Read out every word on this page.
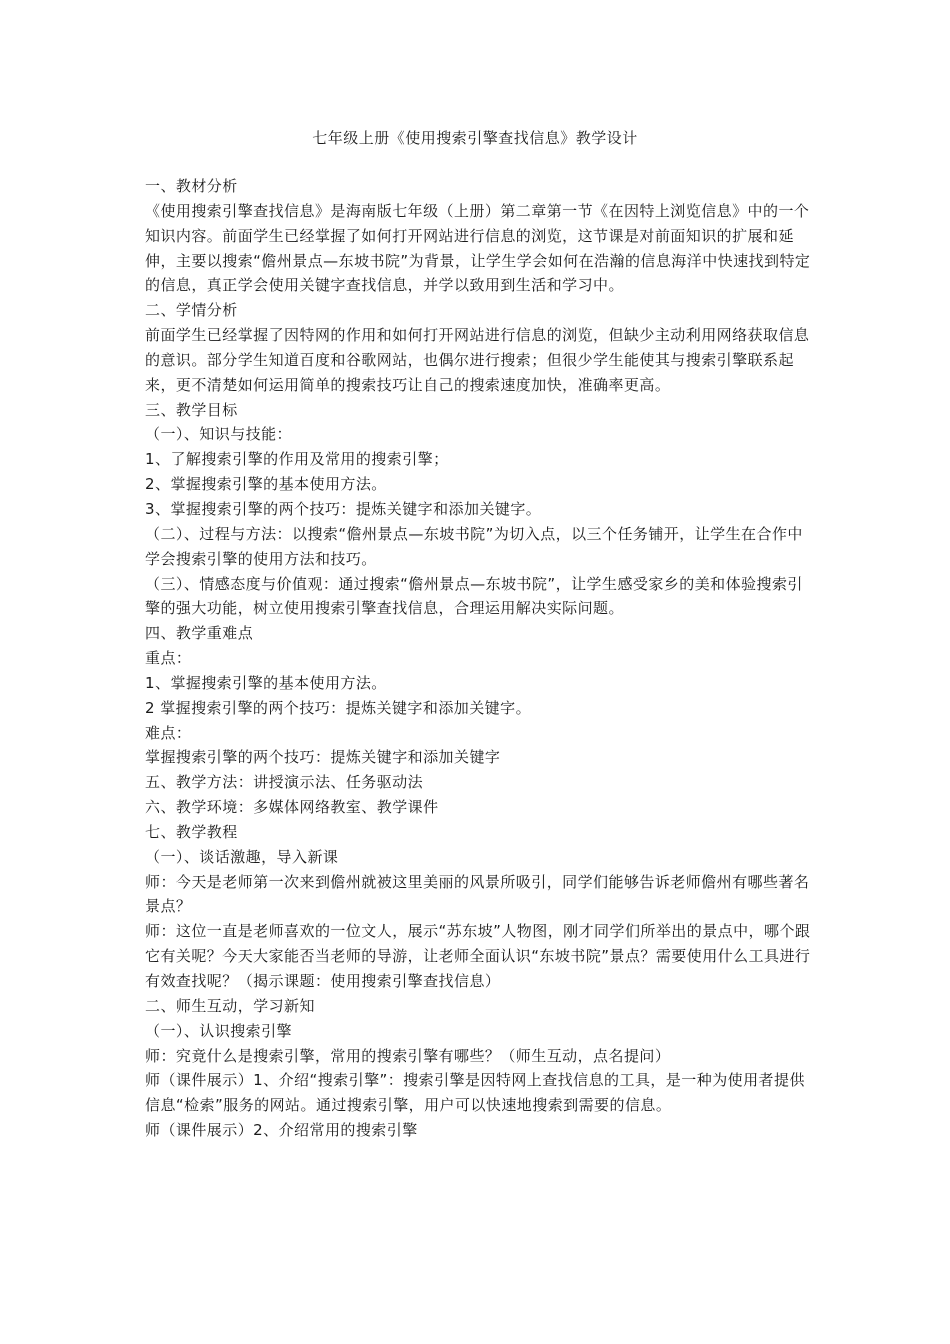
七年级上册《使用搜索引擎查找信息》教学设计

一、教材分析

《使用搜索引擎查找信息》是海南版七年级（上册）第二章第一节《在因特上浏览信息》中的一个知识内容。前面学生已经掌握了如何打开网站进行信息的浏览，这节课是对前面知识的扩展和延伸，主要以搜索“儋州景点—东坡书院”为背景，让学生学会如何在浩瀚的信息海洋中快速找到特定的信息，真正学会使用关键字查找信息，并学以致用到生活和学习中。

二、学情分析

前面学生已经掌握了因特网的作用和如何打开网站进行信息的浏览，但缺少主动利用网络获取信息的意识。部分学生知道百度和谷歌网站，也偶尔进行搜索；但很少学生能使其与搜索引擎联系起来，更不清楚如何运用简单的搜索技巧让自己的搜索速度加快，准确率更高。

三、教学目标

（一）、知识与技能：

1、了解搜索引擎的作用及常用的搜索引擎；

2、掌握搜索引擎的基本使用方法。

3、掌握搜索引擎的两个技巧：提炼关键字和添加关键字。

（二）、过程与方法：以搜索“儋州景点—东坡书院”为切入点，以三个任务铺开，让学生在合作中学会搜索引擎的使用方法和技巧。

（三）、情感态度与价值观：通过搜索“儋州景点—东坡书院”，让学生感受家乡的美和体验搜索引擎的强大功能，树立使用搜索引擎查找信息，合理运用解决实际问题。

四、教学重难点

重点：

1、掌握搜索引擎的基本使用方法。

2 掌握搜索引擎的两个技巧：提炼关键字和添加关键字。

难点：

掌握搜索引擎的两个技巧：提炼关键字和添加关键字

五、教学方法：讲授演示法、任务驱动法

六、教学环境：多媒体网络教室、教学课件

七、教学教程

（一）、谈话激趣，导入新课

师：今天是老师第一次来到儋州就被这里美丽的风景所吸引，同学们能够告诉老师儋州有哪些著名景点？

师：这位一直是老师喜欢的一位文人，展示“苏东坡”人物图，刚才同学们所举出的景点中，哪个跟它有关呢？今天大家能否当老师的导游，让老师全面认识“东坡书院”景点？需要使用什么工具进行有效查找呢？（揭示课题：使用搜索引擎查找信息）

二、师生互动，学习新知

（一）、认识搜索引擎

师：究竟什么是搜索引擎，常用的搜索引擎有哪些？（师生互动，点名提问）

师（课件展示）1、介绍“搜索引擎”：搜索引擎是因特网上查找信息的工具，是一种为使用者提供信息“检索”服务的网站。通过搜索引擎，用户可以快速地搜索到需要的信息。

师（课件展示）2、介绍常用的搜索引擎
